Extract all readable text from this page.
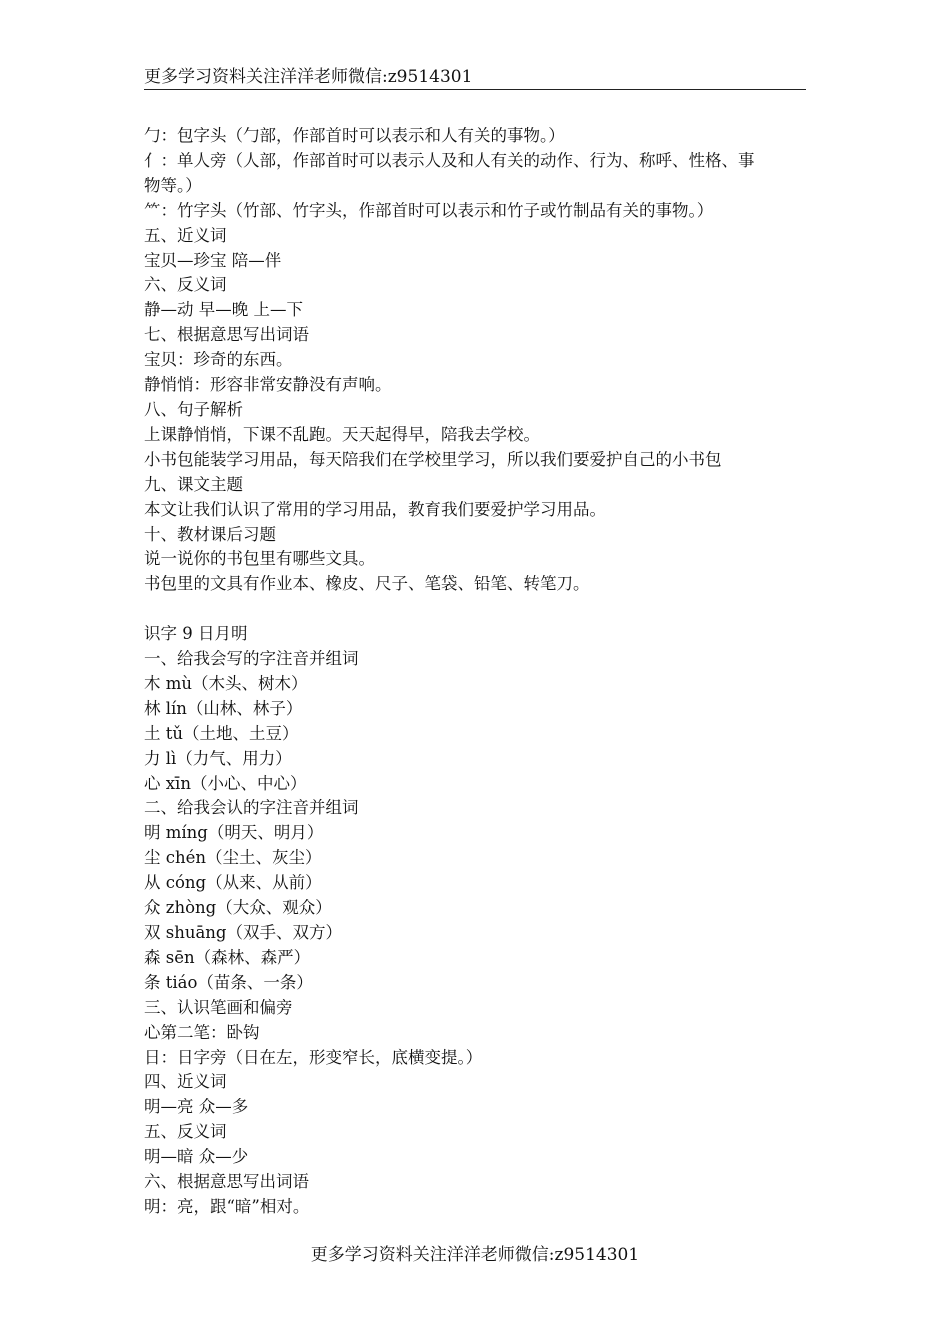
更多学习资料关注洋洋老师微信:z9514301
勹：包字头（勹部，作部首时可以表示和人有关的事物。）
亻：单人旁（人部，作部首时可以表示人及和人有关的动作、行为、称呼、性格、事
物等。）
⺮：竹字头（竹部、竹字头，作部首时可以表示和竹子或竹制品有关的事物。）
五、近义词
宝贝—珍宝 陪—伴
六、反义词
静—动 早—晚 上—下
七、根据意思写出词语
宝贝：珍奇的东西。
静悄悄：形容非常安静没有声响。
八、句子解析
上课静悄悄，下课不乱跑。天天起得早，陪我去学校。
小书包能装学习用品，每天陪我们在学校里学习，所以我们要爱护自己的小书包
九、课文主题
本文让我们认识了常用的学习用品，教育我们要爱护学习用品。
十、教材课后习题
说一说你的书包里有哪些文具。
书包里的文具有作业本、橡皮、尺子、笔袋、铅笔、转笔刀。
识字 9 日月明
一、给我会写的字注音并组词
木 mù（木头、树木）
林 lín（山林、林子）
土 tǔ（土地、土豆）
力 lì（力气、用力）
心 xīn（小心、中心）
二、给我会认的字注音并组词
明 míng（明天、明月）
尘 chén（尘土、灰尘）
从 cóng（从来、从前）
众 zhòng（大众、观众）
双 shuāng（双手、双方）
森 sēn（森林、森严）
条 tiáo（苗条、一条）
三、认识笔画和偏旁
心第二笔：卧钩
日：日字旁（日在左，形变窄长，底横变提。）
四、近义词
明—亮 众—多
五、反义词
明—暗 众—少
六、根据意思写出词语
明：亮，跟“暗”相对。
更多学习资料关注洋洋老师微信:z9514301
